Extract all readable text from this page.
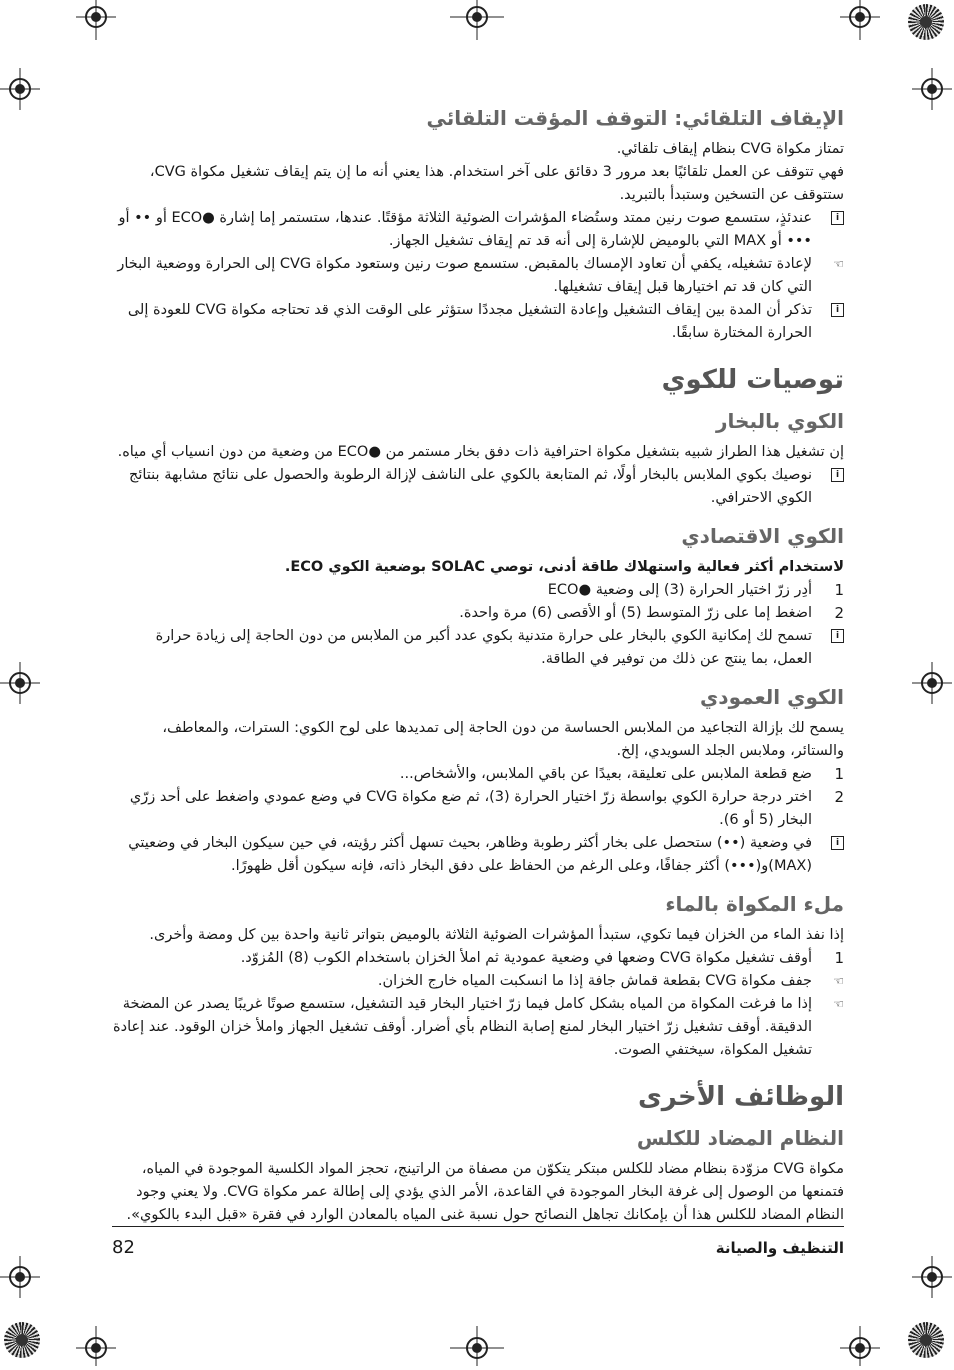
الإيقاف التلقائي: التوقف المؤقت التلقائي

تمتاز مكواة CVG بنظام إيقاف تلقائي.

فهي تتوقف عن العمل تلقائيًا بعد مرور 3 دقائق على آخر استخدام. هذا يعني أنه ما إن يتم إيقاف تشغيل مكواة CVG، ستتوقف عن التسخين وستبدأ بالتبريد.

i
عندئذٍ، ستسمع صوت رنين ممتد وستُضاء المؤشرات الضوئية الثلاثة مؤقتًا. عندها، ستستمر إما إشارة ●ECO أو •• أو ••• أو MAX التي بالوميض للإشارة إلى أنه قد تم إيقاف تشغيل الجهاز.
☜
لإعادة تشغيله، يكفي أن تعاود الإمساك بالمقبض. ستسمع صوت رنين وستعود مكواة CVG إلى الحرارة ووضعية البخار التي كان قد تم اختيارها قبل إيقاف تشغيلها.
i
تذكر أن المدة بين إيقاف التشغيل وإعادة التشغيل مجددًا ستؤثر على الوقت الذي قد تحتاجه مكواة CVG للعودة إلى الحرارة المختارة سابقًا.
توصيات للكوي
الكوي بالبخار

إن تشغيل هذا الطراز شبيه بتشغيل مكواة احترافية ذات دفق بخار مستمر من ●ECO من وضعية من دون انسياب أي مياه.

i
نوصيك بكوي الملابس بالبخار أولًا، ثم المتابعة بالكوي على الناشف لإزالة الرطوبة والحصول على نتائج مشابهة بنتائج الكوي الاحترافي.
الكوي الاقتصادي

لاستخدام أكثر فعالية واستهلاك طاقة أدنى، توصي SOLAC بوضعية الكوي ECO.

1
أدِر زرّ اختيار الحرارة (3) إلى وضعية ●ECO
2
اضغط إما على زرّ المتوسط (5) أو الأقصى (6) مرة واحدة.
i
تسمح لك إمكانية الكوي بالبخار على حرارة متدنية بكوي عدد أكبر من الملابس من دون الحاجة إلى زيادة حرارة العمل، بما ينتج عن ذلك من توفير في الطاقة.
الكوي العمودي

يسمح لك بإزالة التجاعيد من الملابس الحساسة من دون الحاجة إلى تمديدها على لوح الكوي: السترات، والمعاطف، والستائر، وملابس الجلد السويدي، إلخ.

1
ضع قطعة الملابس على تعليقة، بعيدًا عن باقي الملابس، والأشخاص...
2
اختر درجة حرارة الكوي بواسطة زرّ اختيار الحرارة (3)، ثم ضع مكواة CVG في وضع عمودي واضغط على أحد زرّي البخار (5 أو 6).
i
في وضعية (••) ستحصل على بخار أكثر رطوبة وظاهر، بحيث تسهل أكثر رؤيته، في حين سيكون البخار في وضعيتي (MAX)و(•••) أكثر جفافًا، وعلى الرغم من الحفاظ على دفق البخار ذاته، فإنه سيكون أقل ظهورًا.
ملء المكواة بالماء

إذا نفذ الماء من الخزان فيما تكوي، ستبدأ المؤشرات الضوئية الثلاثة بالوميض بتواتر ثانية واحدة بين كل ومضة وأخرى.

1
أوقف تشغيل مكواة CVG وضعها في وضعية عمودية ثم املأ الخزان باستخدام الكوب (8) المُزوّد.
☜
جفف مكواة CVG بقطعة قماش جافة إذا ما انسكبت المياه خارج الخزان.
☜
إذا ما فرغت المكواة من المياه بشكل كامل فيما زرّ اختيار البخار قيد التشغيل، ستسمع صوتًا غريبًا يصدر عن المضخة الدقيقة. أوقف تشغيل زرّ اختيار البخار لمنع إصابة النظام بأي أضرار. أوقف تشغيل الجهاز واملأ خزان الوقود. عند إعادة تشغيل المكواة، سيختفي الصوت.
الوظائف الأخرى
النظام المضاد للكلس

مكواة CVG مزوّدة بنظام مضاد للكلس مبتكر يتكوّن من مصفاة من الراتينج، تحجز المواد الكلسية الموجودة في المياه، فتمنعها من الوصول إلى غرفة البخار الموجودة في القاعدة، الأمر الذي يؤدي إلى إطالة عمر مكواة CVG. ولا يعني وجود النظام المضاد للكلس هذا أن بإمكانك تجاهل النصائح حول نسبة غنى المياه بالمعادن الوارد في فقرة «قبل البدء بالكوي».

التنظيف والصيانة
82
